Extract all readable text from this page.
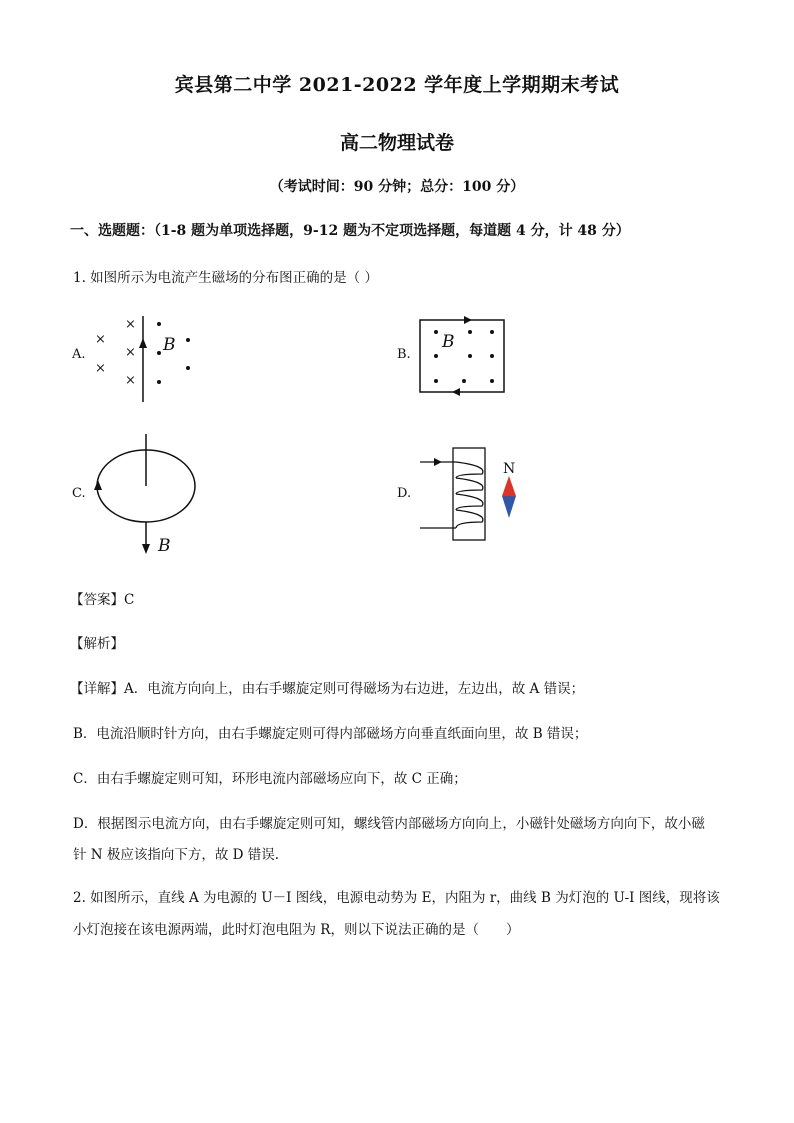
宾县第二中学 2021-2022 学年度上学期期末考试
高二物理试卷
（考试时间：90 分钟；总分：100 分）
一、选题题：（1-8 题为单项选择题，9-12 题为不定项选择题，每道题 4 分，计 48 分）
1. 如图所示为电流产生磁场的分布图正确的是（ ）
A.
×
×
×
×
×
B	B.
B
C.
B
D.
N
【答案】C
【解析】
【详解】A．电流方向向上，由右手螺旋定则可得磁场为右边进，左边出，故 A 错误；
B．电流沿顺时针方向，由右手螺旋定则可得内部磁场方向垂直纸面向里，故 B 错误；
C．由右手螺旋定则可知，环形电流内部磁场应向下，故 C 正确；
D．根据图示电流方向，由右手螺旋定则可知，螺线管内部磁场方向向上，小磁针处磁场方向向下，故小磁
针 N 极应该指向下方，故 D 错误.
2. 如图所示，直线 A 为电源的 U－I 图线，电源电动势为 E，内阻为 r，曲线 B 为灯泡的 U-I 图线，现将该
小灯泡接在该电源两端，此时灯泡电阻为 R，则以下说法正确的是（　　）
